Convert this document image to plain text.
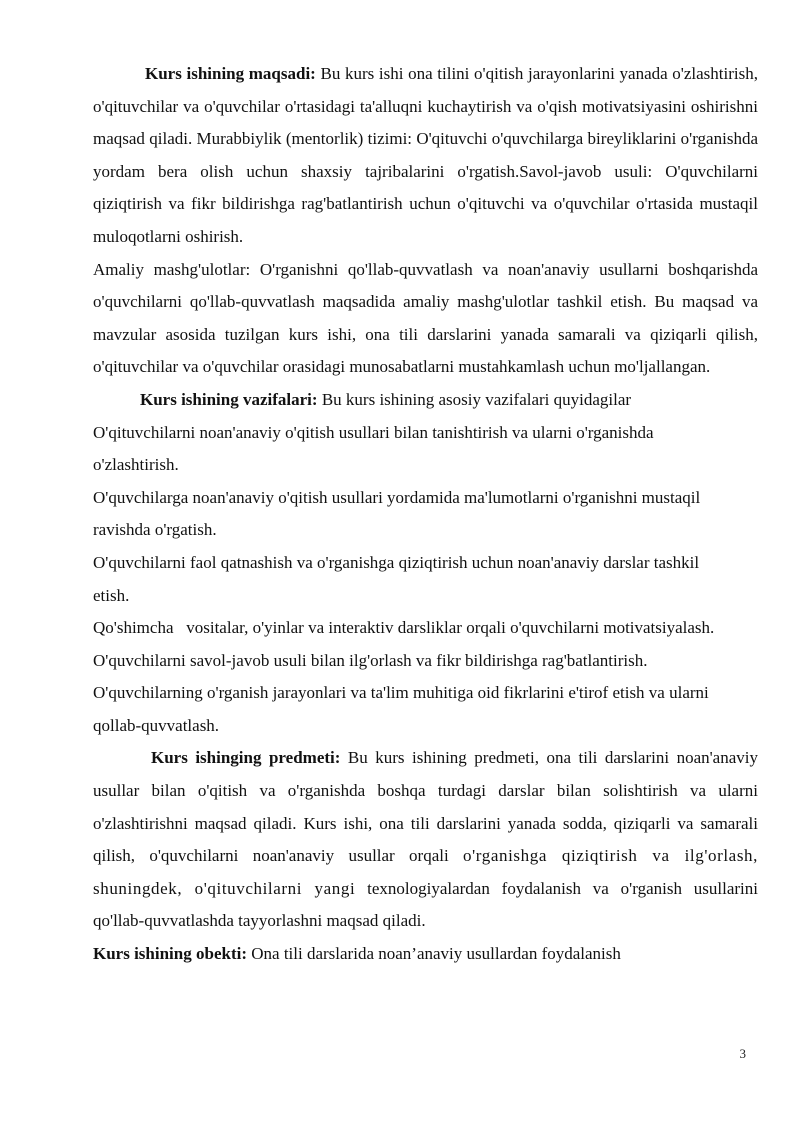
Kurs ishining maqsadi: Bu kurs ishi ona tilini o'qitish jarayonlarini yanada o'zlashtirish, o'qituvchilar va o'quvchilar o'rtasidagi ta'alluqni kuchaytirish va o'qish motivatsiyasini oshirishni maqsad qiladi. Murabbiylik (mentorlik) tizimi: O'qituvchi o'quvchilarga bireyliklarini o'rganishda yordam bera olish uchun shaxsiy tajribalarini o'rgatish.Savol-javob usuli: O'quvchilarni qiziqtirish va fikr bildirishga rag'batlantirish uchun o'qituvchi va o'quvchilar o'rtasida mustaqil muloqotlarni oshirish.

Amaliy mashg'ulotlar: O'rganishni qo'llab-quvvatlash va noan'anaviy usullarni boshqarishda o'quvchilarni qo'llab-quvvatlash maqsadida amaliy mashg'ulotlar tashkil etish. Bu maqsad va mavzular asosida tuzilgan kurs ishi, ona tili darslarini yanada samarali va qiziqarli qilish, o'qituvchilar va o'quvchilar orasidagi munosabatlarni mustahkamlash uchun mo'ljallangan.

Kurs ishining vazifalari: Bu kurs ishining asosiy vazifalari quyidagilar

O'qituvchilarni noan'anaviy o'qitish usullari bilan tanishtirish va ularni o'rganishda o'zlashtirish.

O'quvchilarga noan'anaviy o'qitish usullari yordamida ma'lumotlarni o'rganishni mustaqil ravishda o'rgatish.

O'quvchilarni faol qatnashish va o'rganishga qiziqtirish uchun noan'anaviy darslar tashkil etish.

Qo'shimcha   vositalar, o'yinlar va interaktiv darsliklar orqali o'quvchilarni motivatsiyalash.

O'quvchilarni savol-javob usuli bilan ilg'orlash va fikr bildirishga rag'batlantirish.

O'quvchilarning o'rganish jarayonlari va ta'lim muhitiga oid fikrlarini e'tirof etish va ularni qollab-quvvatlash.

Kurs ishinging predmeti: Bu kurs ishining predmeti, ona tili darslarini noan'anaviy usullar bilan o'qitish va o'rganishda boshqa turdagi darslar bilan solishtirish va ularni o'zlashtirishni maqsad qiladi. Kurs ishi, ona tili darslarini yanada sodda, qiziqarli va samarali qilish, o'quvchilarni noan'anaviy usullar orqali o'rganishga qiziqtirish va ilg'orlash, shuningdek, o'qituvchilarni yangi texnologiyalardan foydalanish va o'rganish usullarini qo'llab-quvvatlashda tayyorlashni maqsad qiladi.

Kurs ishining obekti: Ona tili darslarida noan’anaviy usullardan foydalanish

3
